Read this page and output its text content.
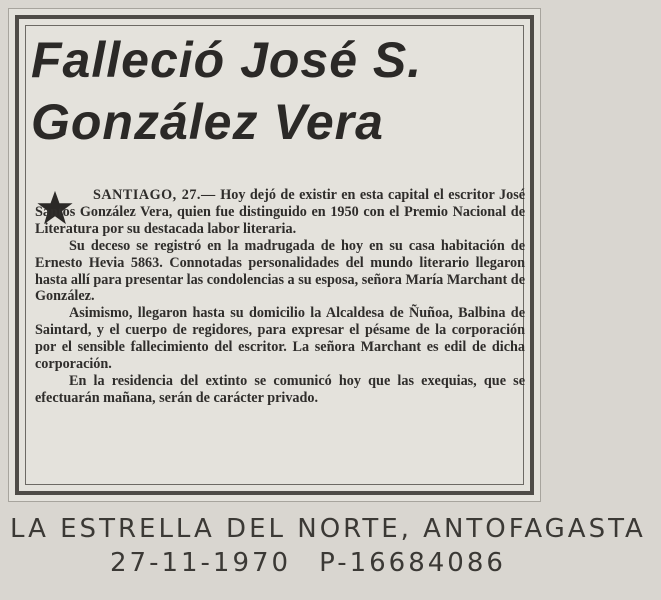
Falleció José S.
González Vera

SANTIAGO, 27.— Hoy dejó de existir en esta capital el escritor José Santos González Vera, quien fue distinguido en 1950 con el Premio Nacional de Literatura por su destacada labor literaria.

Su deceso se registró en la madrugada de hoy en su casa habitación de Ernesto Hevia 5863. Connotadas personalidades del mundo literario llegaron hasta allí para presentar las condolencias a su esposa, señora María Marchant de González.

Asimismo, llegaron hasta su domicilio la Alcaldesa de Ñuñoa, Balbina de Saintard, y el cuerpo de regidores, para expresar el pésame de la corporación por el sensible fallecimiento del escritor. La señora Marchant es edil de dicha corporación.

En la residencia del extinto se comunicó hoy que las exequias, que se efectuarán mañana, serán de carácter privado.

LA ESTRELLA DEL NORTE, ANTOFAGASTA
27-11-1970 P-16684086
